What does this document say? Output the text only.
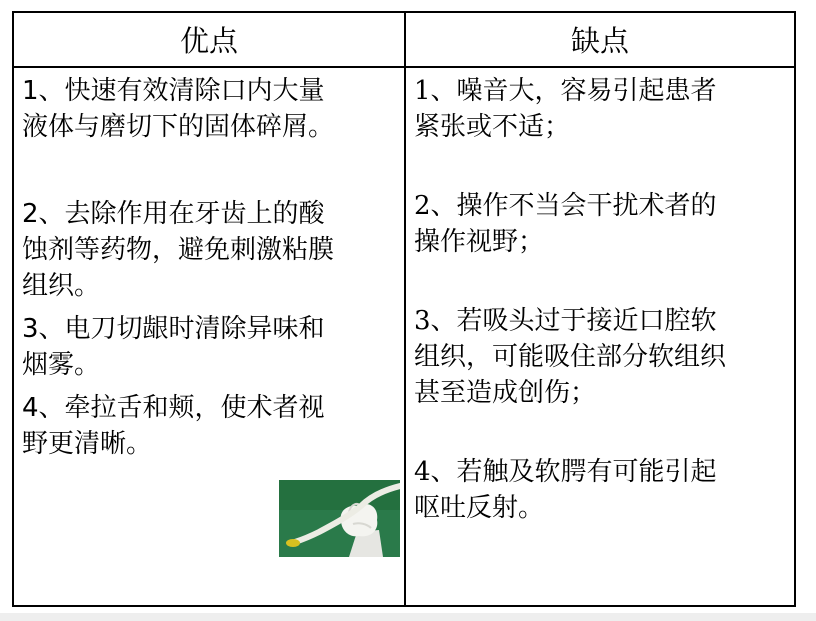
优点	缺点
1、快速有效清除口内大量
液体与磨切下的固体碎屑。
2、去除作用在牙齿上的酸
蚀剂等药物，避免刺激粘膜
组织。
3、电刀切龈时清除异味和
烟雾。
4、牵拉舌和颊，使术者视
野更清晰。
1、噪音大，容易引起患者
紧张或不适；
2、操作不当会干扰术者的
操作视野；
3、若吸头过于接近口腔软
组织，可能吸住部分软组织
甚至造成创伤；
4、若触及软腭有可能引起
呕吐反射。
